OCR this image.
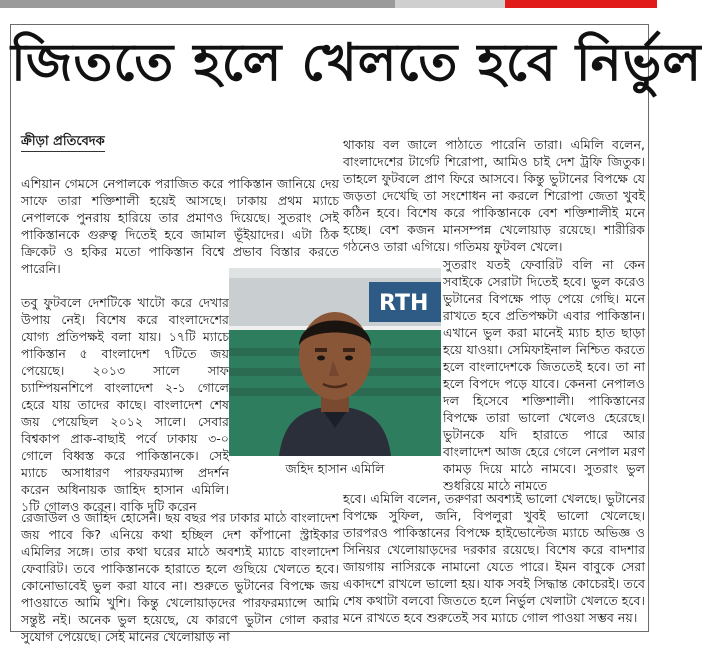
জিততে হলে খেলতে হবে নির্ভুল
ক্রীড়া প্রতিবেদক

এশিয়ান গেমসে নেপালকে পরাজিত করে পাকিস্তান জানিয়ে দেয় সাফে তারা শক্তিশালী হয়েই আসছে। ঢাকায় প্রথম ম্যাচে নেপালকে পুনরায় হারিয়ে তার প্রমাণও দিয়েছে। সুতরাং সেই পাকিস্তানকে গুরুত্ব দিতেই হবে জামাল ভূঁইয়াদের। এটা ঠিক ক্রিকেট ও হকির মতো পাকিস্তান বিশ্বে প্রভাব বিস্তার করতে পারেনি।

তবু ফুটবলে দেশটিকে খাটো করে দেখার উপায় নেই। বিশেষ করে বাংলাদেশের যোগ্য প্রতিপক্ষই বলা যায়। ১৭টি ম্যাচে পাকিস্তান ৫ বাংলাদেশ ৭টিতে জয় পেয়েছে। ২০১৩ সালে সাফ চ্যাম্পিয়নশিপে বাংলাদেশ ২-১ গোলে হেরে যায় তাদের কাছে। বাংলাদেশ শেষ জয় পেয়েছিল ২০১২ সালে। সেবার বিশ্বকাপ প্রাক-বাছাই পর্বে ঢাকায় ৩-০ গোলে বিধ্বস্ত করে পাকিস্তানকে। সেই ম্যাচে অসাধারণ পারফরম্যান্স প্রদর্শন করেন অধিনায়ক জাহিদ হাসান এমিলি। ১টি গোলও করেন। বাকি দুটি করেন

রেজাউল ও জাহিদ হোসেন। ছয় বছর পর ঢাকার মাঠে বাংলাদেশ জয় পাবে কি? এনিয়ে কথা হচ্ছিল দেশ কাঁপানো স্ট্রাইকার এমিলির সঙ্গে। তার কথা ঘরের মাঠে অবশ্যই ম্যাচে বাংলাদেশ ফেবারিট। তবে পাকিস্তানকে হারাতে হলে গুছিয়ে খেলতে হবে। কোনোভাবেই ভুল করা যাবে না। শুরুতে ভুটানের বিপক্ষে জয় পাওয়াতে আমি খুশি। কিন্তু খেলোয়াড়দের পারফরম্যান্সে আমি সন্তুষ্ট নই। অনেক ভুল হয়েছে, যে কারণে ভুটান গোল করার সুযোগ পেয়েছে। সেই মানের খেলোয়াড় না

থাকায় বল জালে পাঠাতে পারেনি তারা। এমিলি বলেন, বাংলাদেশের টার্গেট শিরোপা, আমিও চাই দেশ ট্রফি জিতুক। তাহলে ফুটবলে প্রাণ ফিরে আসবে। কিন্তু ভুটানের বিপক্ষে যে জড়তা দেখেছি তা সংশোধন না করলে শিরোপা জেতা খুবই কঠিন হবে। বিশেষ করে পাকিস্তানকে বেশ শক্তিশালীই মনে হচ্ছে। বেশ কজন মানসম্পন্ন খেলোয়াড় রয়েছে। শারীরিক গঠনেও তারা এগিয়ে। গতিময় ফুটবল খেলে।

সুতরাং যতই ফেবারিট বলি না কেন সবাইকে সেরাটা দিতেই হবে। ভুল করেও ভুটানের বিপক্ষে পাড় পেয়ে গেছি। মনে রাখতে হবে প্রতিপক্ষটা এবার পাকিস্তান। এখানে ভুল করা মানেই ম্যাচ হাত ছাড়া হয়ে যাওয়া। সেমিফাইনাল নিশ্চিত করতে হলে বাংলাদেশকে জিততেই হবে। তা না হলে বিপদে পড়ে যাবে। কেননা নেপালও দল হিসেবে শক্তিশালী। পাকিস্তানের বিপক্ষে তারা ভালো খেলেও হেরেছে। ভুটানকে যদি হারাতে পারে আর বাংলাদেশ আজ হেরে গেলে নেপাল মরণ কামড় দিয়ে মাঠে নামবে। সুতরাং ভুল শুধরিয়ে মাঠে নামতে

হবে। এমিলি বলেন, তরুণরা অবশ্যই ভালো খেলছে। ভুটানের বিপক্ষে সুফিল, জনি, বিপলুরা খুবই ভালো খেলেছে। তারপরও পাকিস্তানের বিপক্ষে হাইভোল্টেজ ম্যাচে অভিজ্ঞ ও সিনিয়র খেলোয়াড়দের দরকার রয়েছে। বিশেষ করে বাদশার জায়গায় নাসিরকে নামানো যেতে পারে। ইমন বাবুকে সেরা একাদশে রাখলে ভালো হয়। যাক সবই সিদ্ধান্ত কোচেরই। তবে শেষ কথাটা বলবো জিততে হলে নির্ভুল খেলাটা খেলতে হবে। মনে রাখতে হবে শুরুতেই সব ম্যাচে গোল পাওয়া সম্ভব নয়।

RTH
জহিদ হাসান এমিলি
